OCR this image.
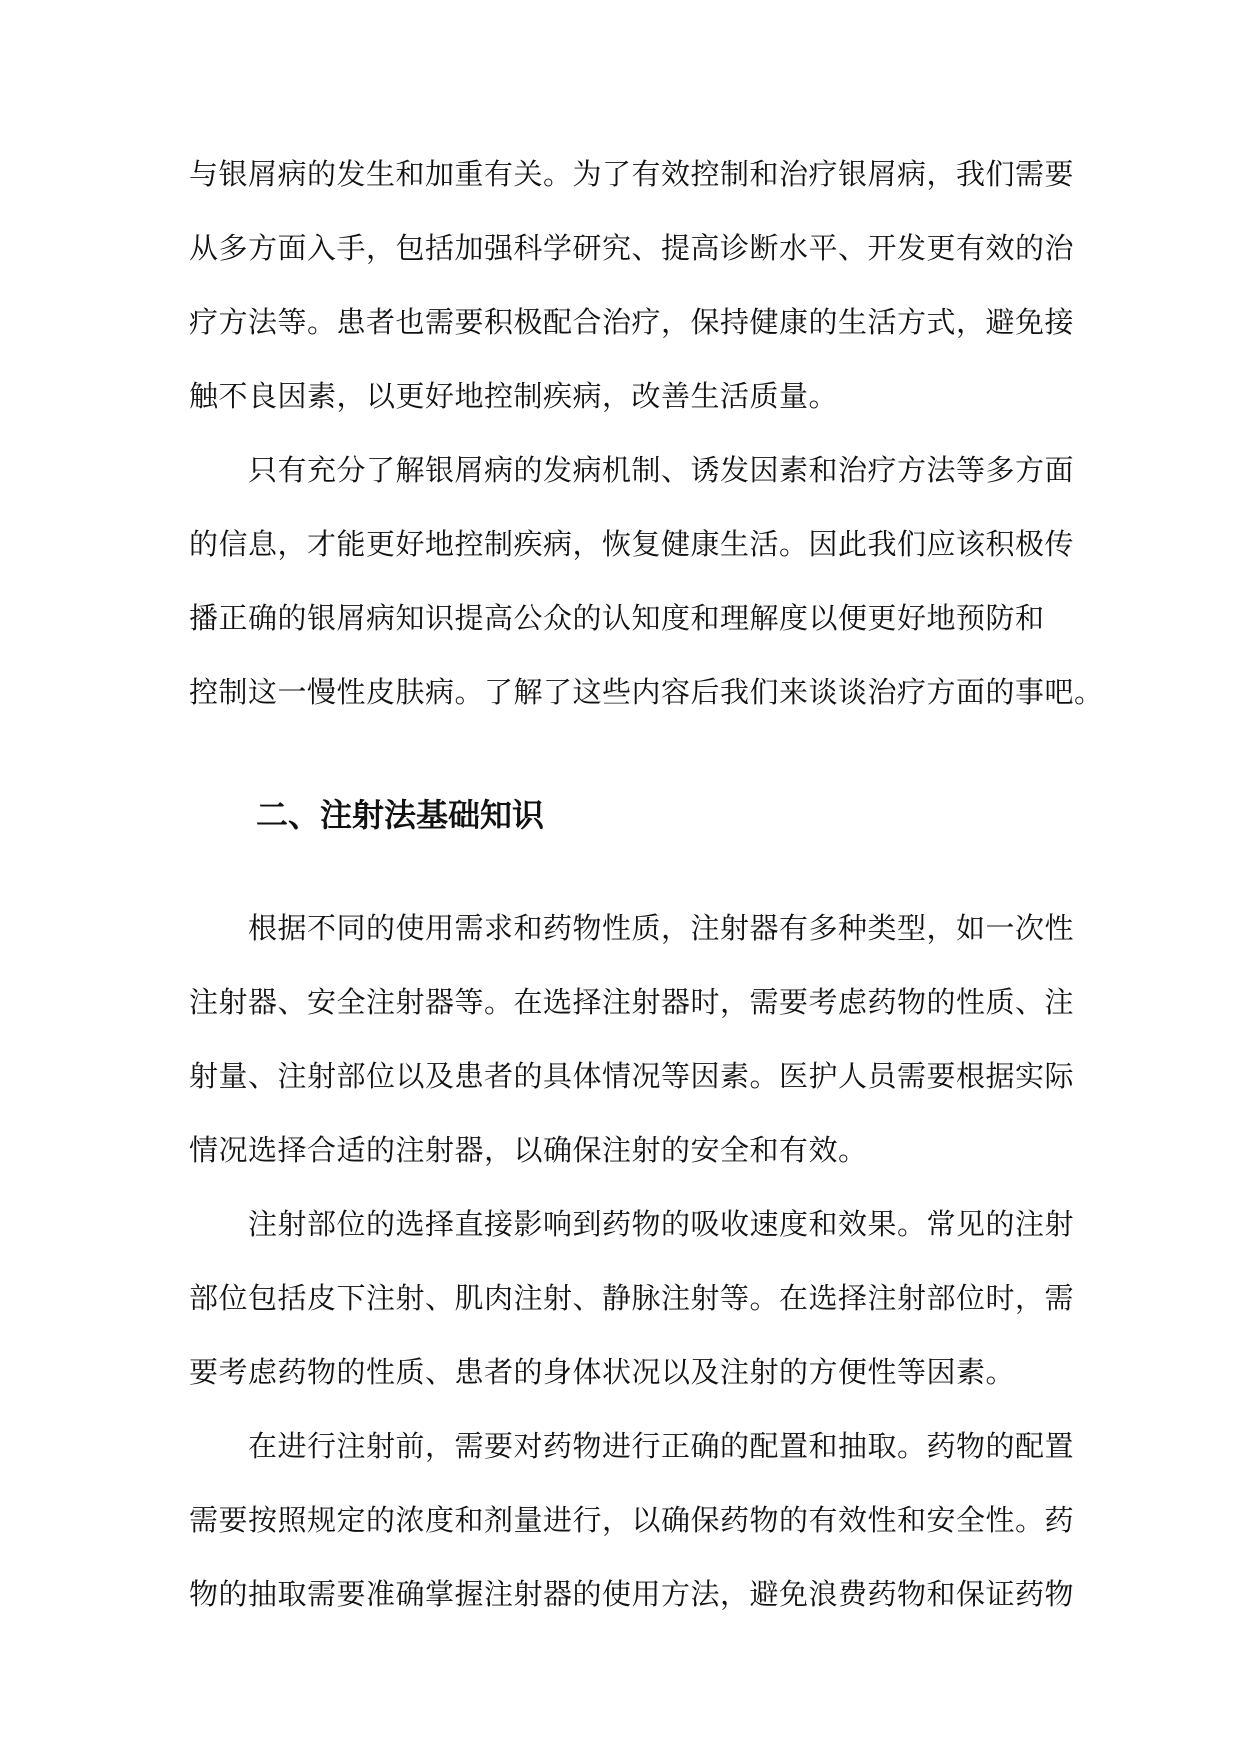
与银屑病的发生和加重有关。为了有效控制和治疗银屑病，我们需要
从多方面入手，包括加强科学研究、提高诊断水平、开发更有效的治
疗方法等。患者也需要积极配合治疗，保持健康的生活方式，避免接
触不良因素，以更好地控制疾病，改善生活质量。
只有充分了解银屑病的发病机制、诱发因素和治疗方法等多方面
的信息，才能更好地控制疾病，恢复健康生活。因此我们应该积极传
播正确的银屑病知识提高公众的认知度和理解度以便更好地预防和
控制这一慢性皮肤病。了解了这些内容后我们来谈谈治疗方面的事吧。
二、注射法基础知识
根据不同的使用需求和药物性质，注射器有多种类型，如一次性
注射器、安全注射器等。在选择注射器时，需要考虑药物的性质、注
射量、注射部位以及患者的具体情况等因素。医护人员需要根据实际
情况选择合适的注射器，以确保注射的安全和有效。
注射部位的选择直接影响到药物的吸收速度和效果。常见的注射
部位包括皮下注射、肌肉注射、静脉注射等。在选择注射部位时，需
要考虑药物的性质、患者的身体状况以及注射的方便性等因素。
在进行注射前，需要对药物进行正确的配置和抽取。药物的配置
需要按照规定的浓度和剂量进行，以确保药物的有效性和安全性。药
物的抽取需要准确掌握注射器的使用方法，避免浪费药物和保证药物
